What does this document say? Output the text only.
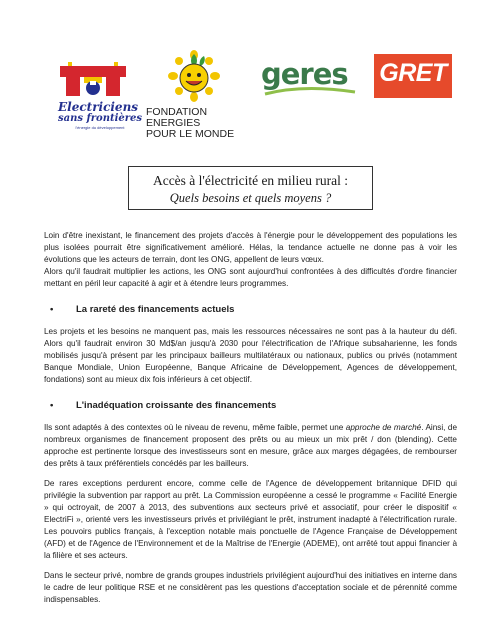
Electriciens
sans frontières
l'énergie du développement
FONDATION
ENERGIES
POUR LE MONDE
geres	GRET
Accès à l'électricité en milieu rural :
Quels besoins et quels moyens ?

Loin d'être inexistant, le financement des projets d'accès à l'énergie pour le développement des populations les plus isolées pourrait être significativement amélioré. Hélas, la tendance actuelle ne donne pas à voir les évolutions que les acteurs de terrain, dont les ONG, appellent de leurs vœux.

Alors qu'il faudrait multiplier les actions, les ONG sont aujourd'hui confrontées à des difficultés d'ordre financier mettant en péril leur capacité à agir et à étendre leurs programmes.

• La rareté des financements actuels

Les projets et les besoins ne manquent pas, mais les ressources nécessaires ne sont pas à la hauteur du défi. Alors qu'il faudrait environ 30 Md$/an jusqu'à 2030 pour l'électrification de l'Afrique subsaharienne, les fonds mobilisés jusqu'à présent par les principaux bailleurs multilatéraux ou nationaux, publics ou privés (notamment Banque Mondiale, Union Européenne, Banque Africaine de Développement, Agences de développement, fondations) sont au mieux dix fois inférieurs à cet objectif.

• L'inadéquation croissante des financements

Ils sont adaptés à des contextes où le niveau de revenu, même faible, permet une approche de marché. Ainsi, de nombreux organismes de financement proposent des prêts ou au mieux un mix prêt / don (blending). Cette approche est pertinente lorsque des investisseurs sont en mesure, grâce aux marges dégagées, de rembourser des prêts à taux préférentiels concédés par les bailleurs.

De rares exceptions perdurent encore, comme celle de l'Agence de développement britannique DFID qui privilégie la subvention par rapport au prêt. La Commission européenne a cessé le programme « Facilité Energie » qui octroyait, de 2007 à 2013, des subventions aux secteurs privé et associatif, pour créer le dispositif « ElectriFi », orienté vers les investisseurs privés et privilégiant le prêt, instrument inadapté à l'électrification rurale. Les pouvoirs publics français, à l'exception notable mais ponctuelle de l'Agence Française de Développement (AFD) et de l'Agence de l'Environnement et de la Maîtrise de l'Energie (ADEME), ont arrêté tout appui financier à la filière et ses acteurs.

Dans le secteur privé, nombre de grands groupes industriels privilégient aujourd'hui des initiatives en interne dans le cadre de leur politique RSE et ne considèrent pas les questions d'acceptation sociale et de pérennité comme indispensables.
